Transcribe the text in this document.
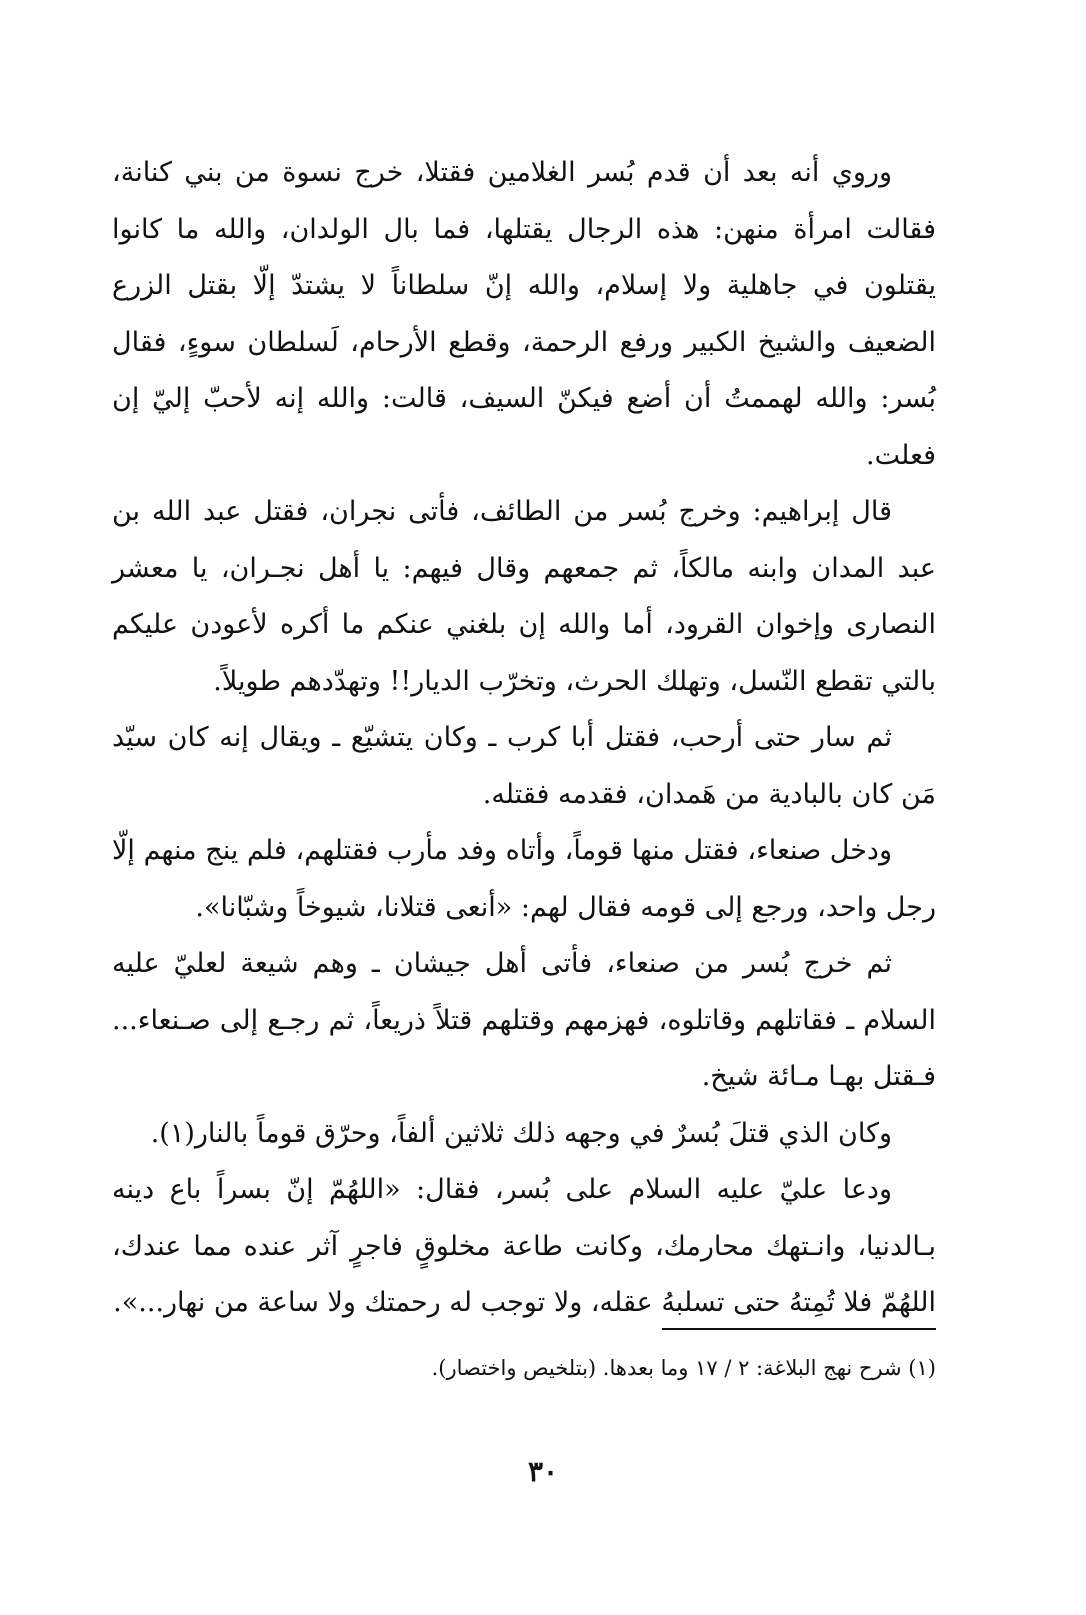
وروي أنه بعد أن قدم بُسر الغلامين فقتلا، خرج نسوة من بني كنانة، فقالت امرأة منهن: هذه الرجال يقتلها، فما بال الولدان، والله ما كانوا يقتلون في جاهلية ولا إسلام، والله إنّ سلطاناً لا يشتدّ إلّا بقتل الزرع الضعيف والشيخ الكبير ورفع الرحمة، وقطع الأرحام، لَسلطان سوءٍ، فقال بُسر: والله لهممتُ أن أضع فيكنّ السيف، قالت: والله إنه لأحبّ إليّ إن فعلت.

قال إبراهيم: وخرج بُسر من الطائف، فأتى نجران، فقتل عبد الله بن عبد المدان وابنه مالكاً، ثم جمعهم وقال فيهم: يا أهل نجـران، يا معشر النصارى وإخوان القرود، أما والله إن بلغني عنكم ما أكره لأعودن عليكم بالتي تقطع النّسل، وتهلك الحرث، وتخرّب الديار!! وتهدّدهم طويلاً.

ثم سار حتى أرحب، فقتل أبا كرب ـ وكان يتشيّع ـ ويقال إنه كان سيّد مَن كان بالبادية من هَمدان، فقدمه فقتله.

ودخل صنعاء، فقتل منها قوماً، وأتاه وفد مأرب فقتلهم، فلم ينج منهم إلّا رجل واحد، ورجع إلى قومه فقال لهم: «أنعى قتلانا، شيوخاً وشبّانا».

ثم خرج بُسر من صنعاء، فأتى أهل جيشان ـ وهم شيعة لعليّ عليه السلام ـ فقاتلهم وقاتلوه، فهزمهم وقتلهم قتلاً ذريعاً، ثم رجـع إلى صـنعاء... فـقتل بهـا مـائة شيخ.

وكان الذي قتلَ بُسرٌ في وجهه ذلك ثلاثين ألفاً، وحرّق قوماً بالنار(١).

ودعا عليّ عليه السلام على بُسر، فقال: «اللهُمّ إنّ بسراً باع دينه بـالدنيا، وانـتهك محارمك، وكانت طاعة مخلوقٍ فاجرٍ آثر عنده مما عندك، اللهُمّ فلا تُمِتهُ حتى تسلبهُ عقله، ولا توجب له رحمتك ولا ساعة من نهار...».

(١) شرح نهج البلاغة: ٢ / ١٧ وما بعدها. (بتلخيص واختصار).
٣٠
